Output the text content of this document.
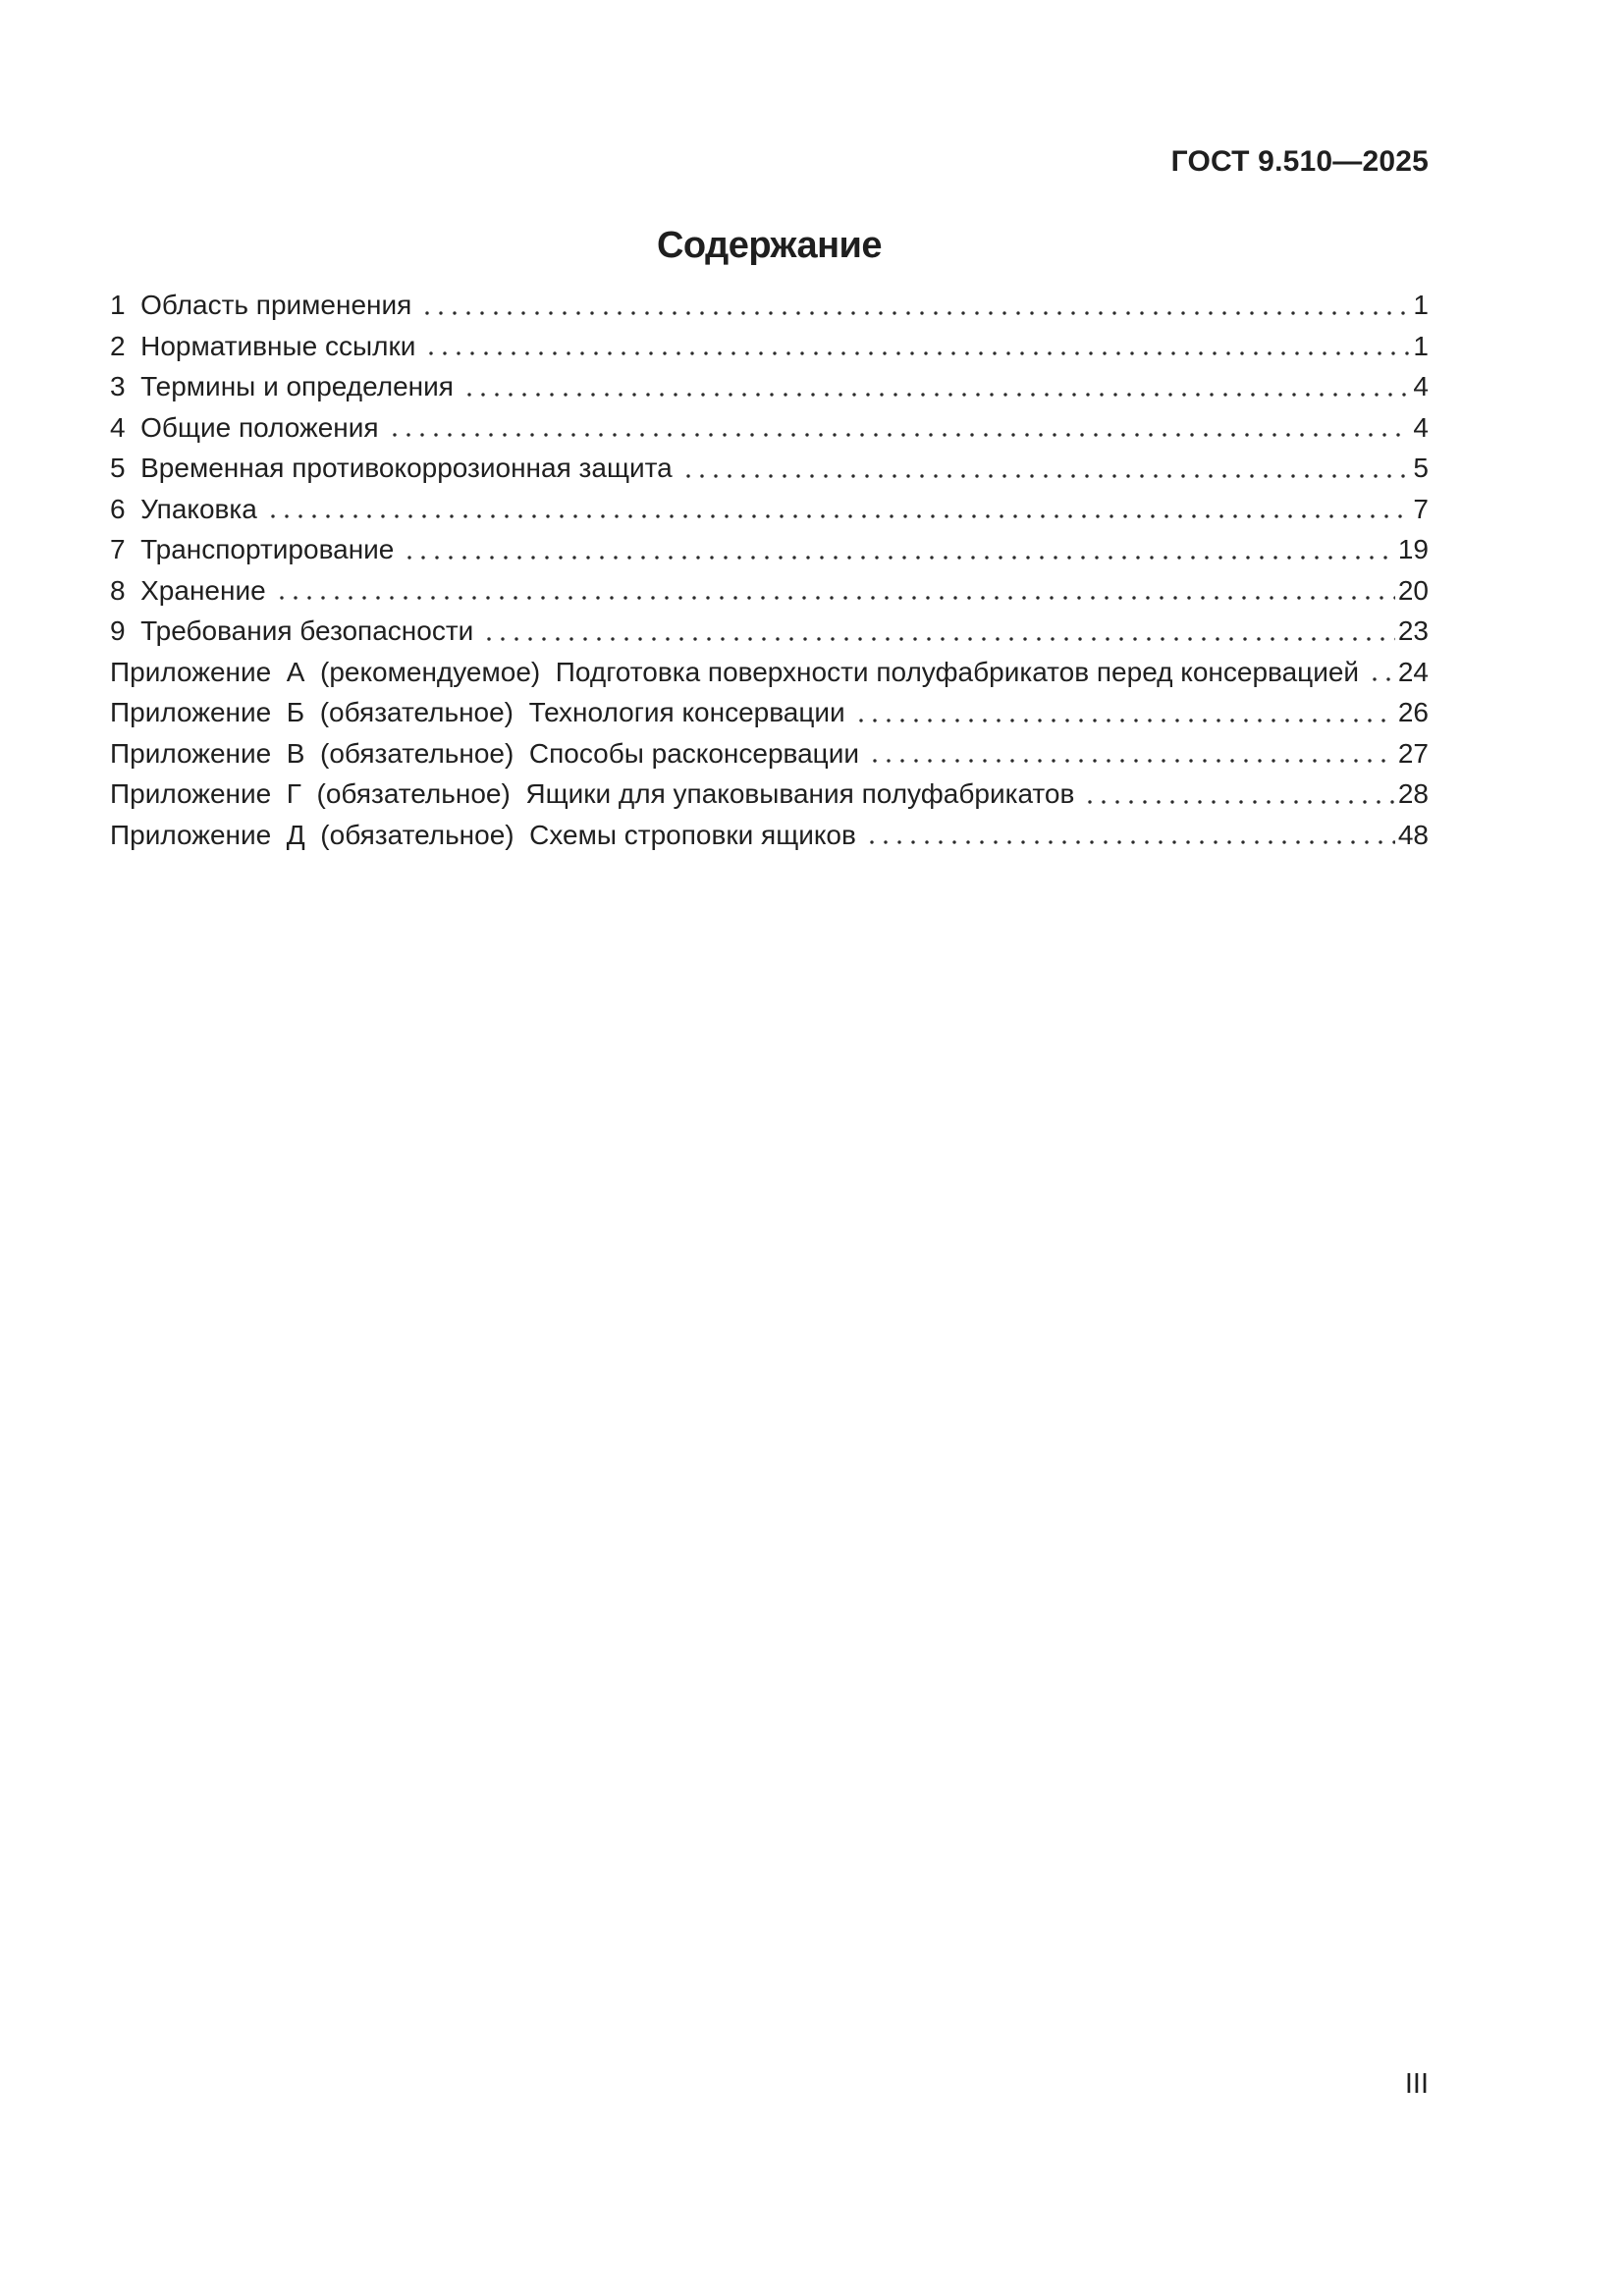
ГОСТ 9.510—2025
Содержание
1  Область применения	1
2  Нормативные ссылки	1
3  Термины и определения	4
4  Общие положения	4
5  Временная противокоррозионная защита	5
6  Упаковка	7
7  Транспортирование	19
8  Хранение	20
9  Требования безопасности	23
Приложение  А  (рекомендуемое)  Подготовка поверхности полуфабрикатов перед консервацией 24
Приложение  Б  (обязательное)  Технология консервации	26
Приложение  В  (обязательное)  Способы расконсервации	27
Приложение  Г  (обязательное)  Ящики для упаковывания полуфабрикатов	28
Приложение  Д  (обязательное)  Схемы строповки ящиков	48
III
